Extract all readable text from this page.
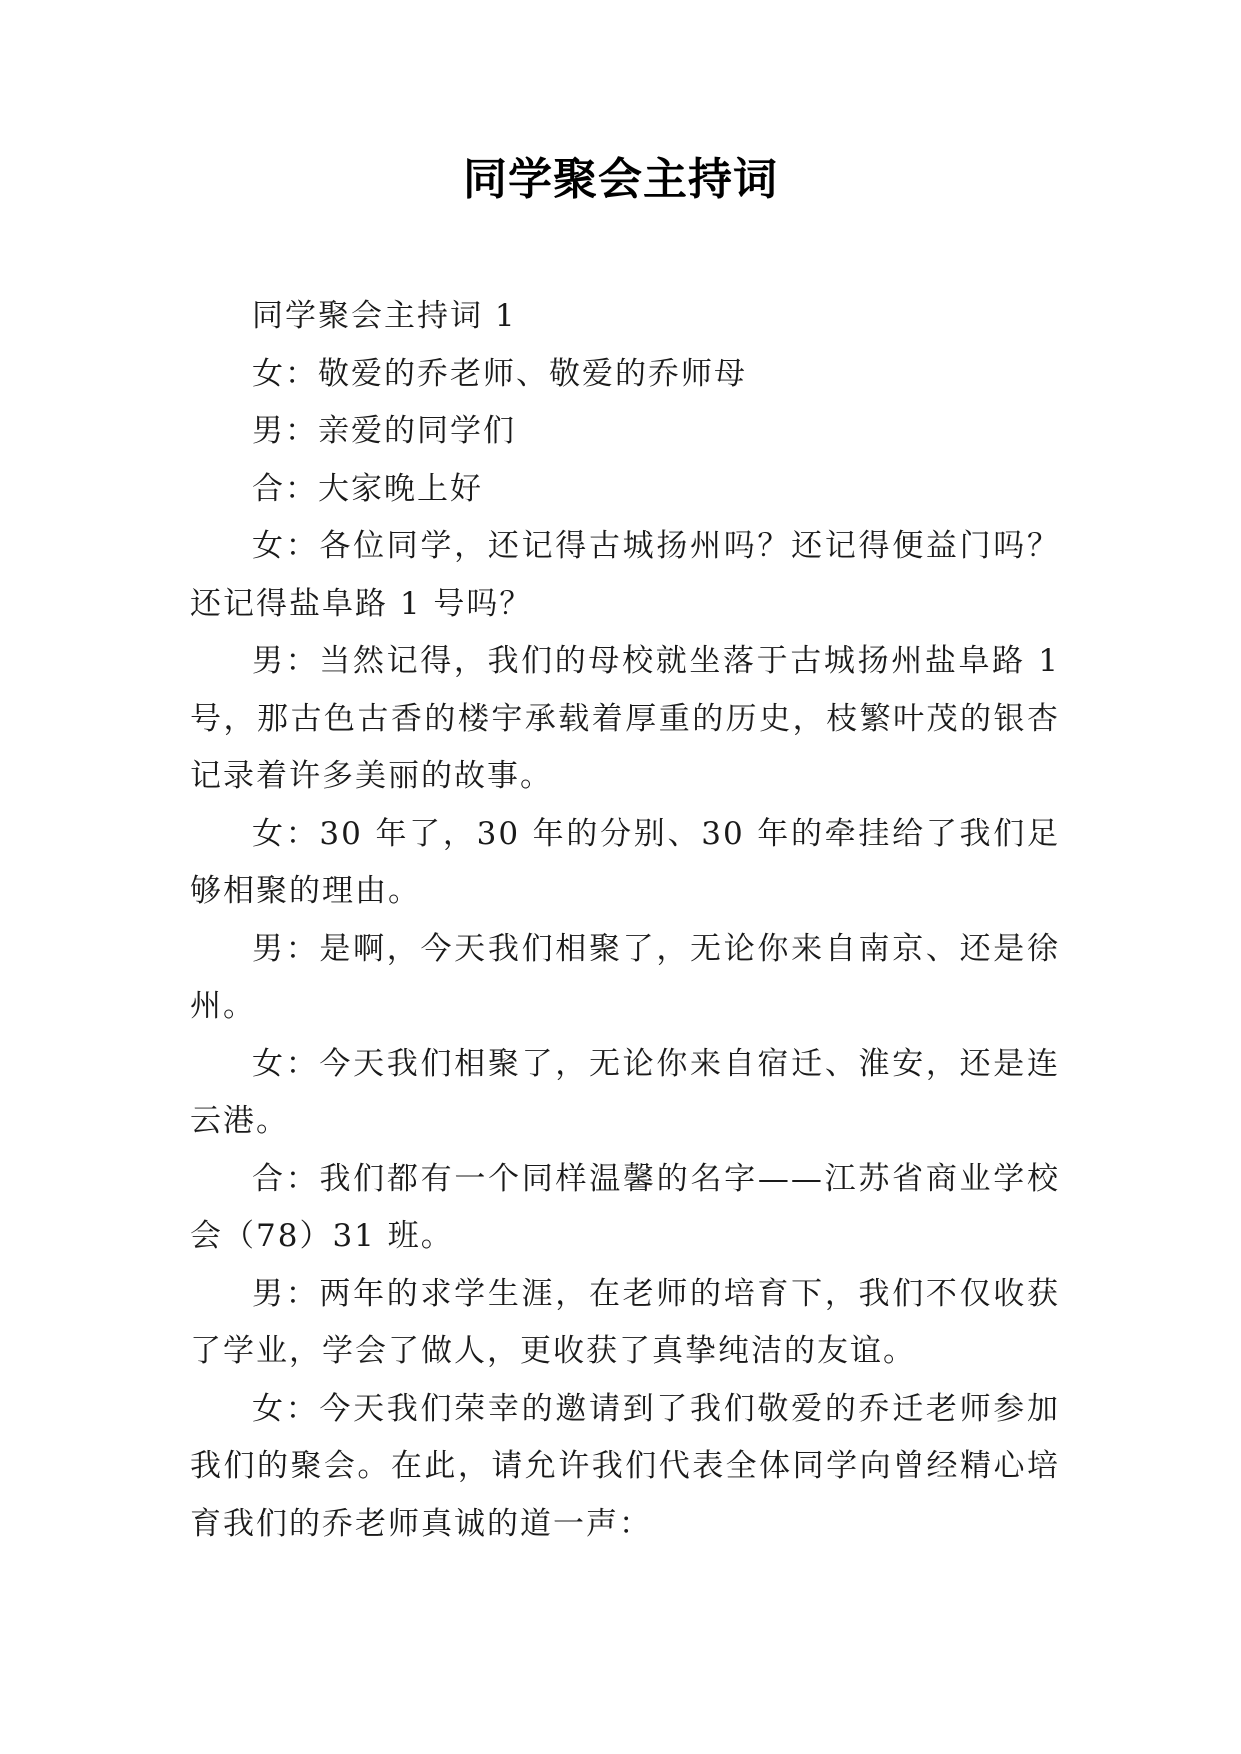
同学聚会主持词

同学聚会主持词 1

女：敬爱的乔老师、敬爱的乔师母

男：亲爱的同学们

合：大家晚上好

女：各位同学，还记得古城扬州吗？还记得便益门吗？还记得盐阜路 1 号吗？

男：当然记得，我们的母校就坐落于古城扬州盐阜路 1 号，那古色古香的楼宇承载着厚重的历史，枝繁叶茂的银杏记录着许多美丽的故事。

女：30 年了，30 年的分别、30 年的牵挂给了我们足够相聚的理由。

男：是啊，今天我们相聚了，无论你来自南京、还是徐州。

女：今天我们相聚了，无论你来自宿迁、淮安，还是连云港。

合：我们都有一个同样温馨的名字——江苏省商业学校会（78）31 班。

男：两年的求学生涯，在老师的培育下，我们不仅收获了学业，学会了做人，更收获了真挚纯洁的友谊。

女：今天我们荣幸的邀请到了我们敬爱的乔迁老师参加我们的聚会。在此，请允许我们代表全体同学向曾经精心培育我们的乔老师真诚的道一声：
